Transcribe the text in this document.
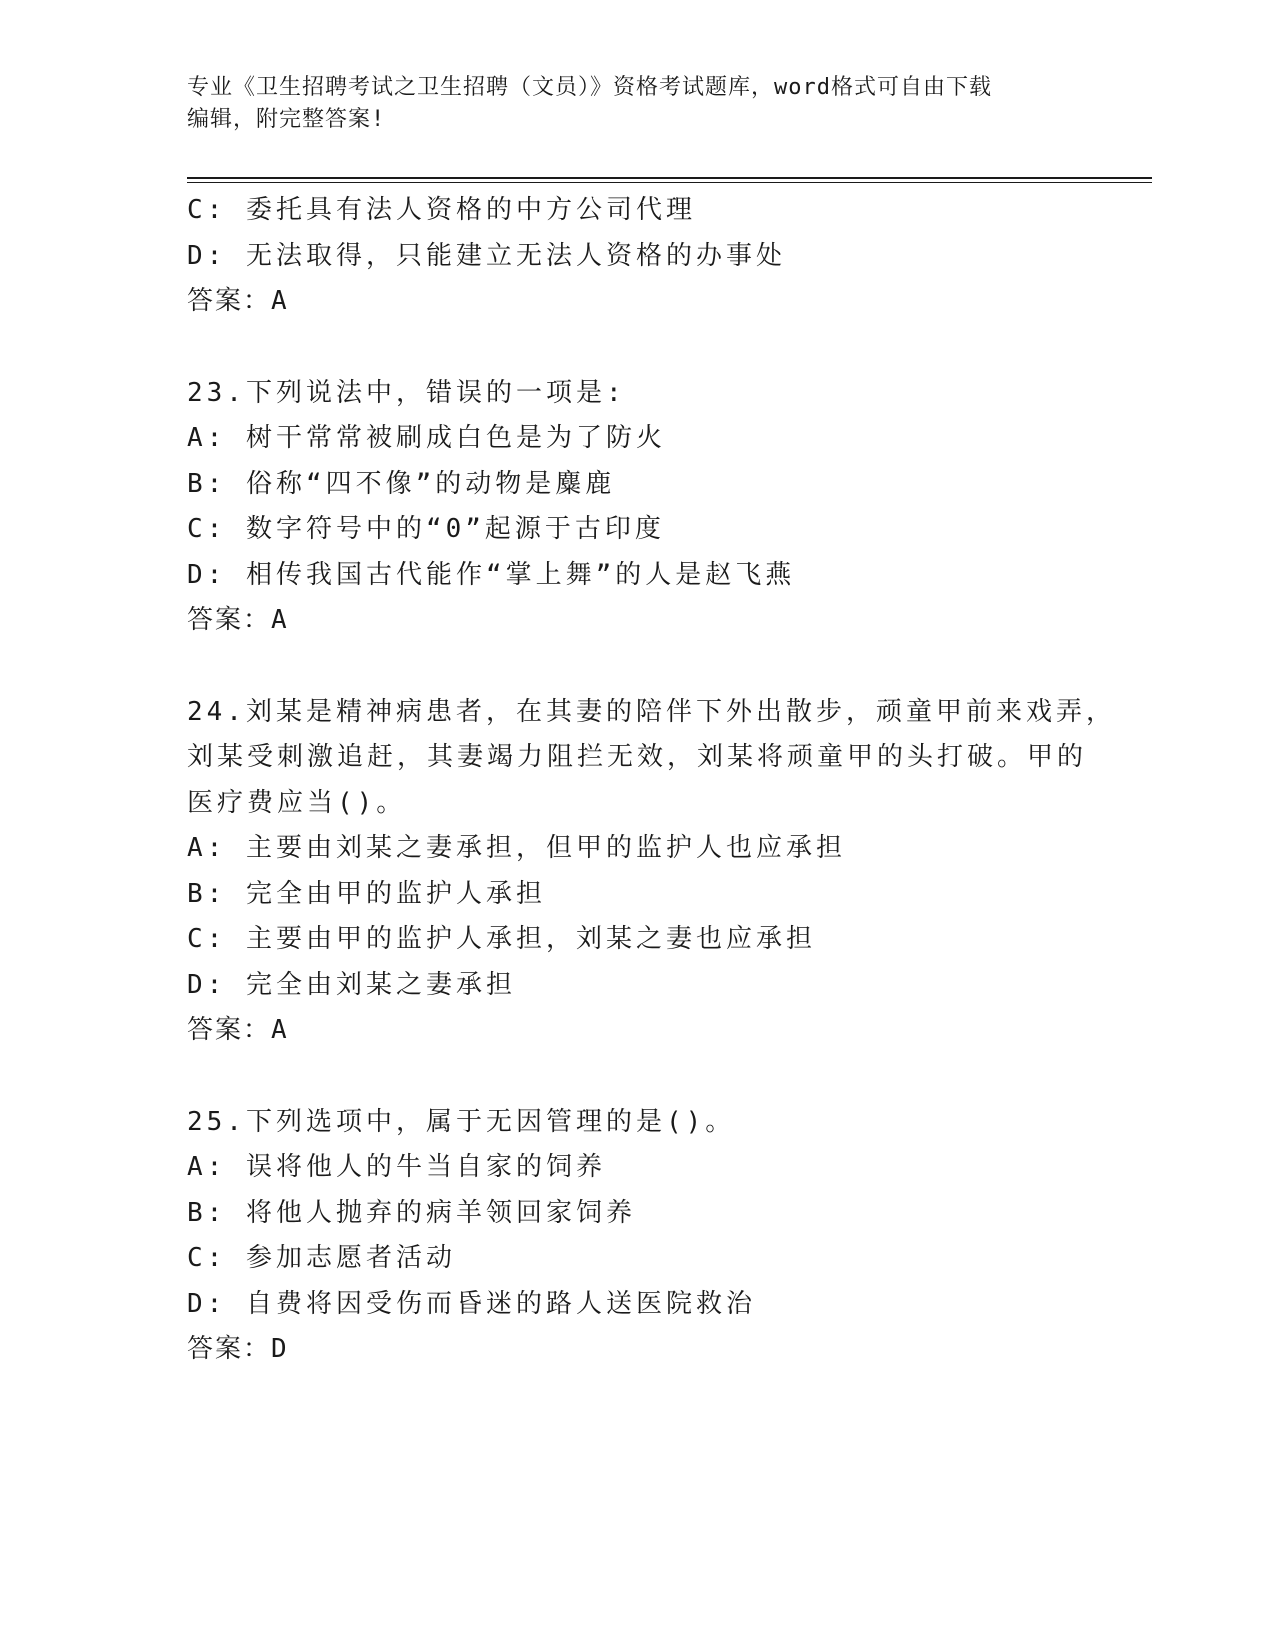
专业《卫生招聘考试之卫生招聘（文员）》资格考试题库，word格式可自由下载
编辑，附完整答案!
C: 委托具有法人资格的中方公司代理
D: 无法取得，只能建立无法人资格的办事处
答案：A
23.下列说法中，错误的一项是:
A: 树干常常被刷成白色是为了防火
B: 俗称“四不像”的动物是麋鹿
C: 数字符号中的“0”起源于古印度
D: 相传我国古代能作“掌上舞”的人是赵飞燕
答案：A
24.刘某是精神病患者，在其妻的陪伴下外出散步，顽童甲前来戏弄，
刘某受刺激追赶，其妻竭力阻拦无效，刘某将顽童甲的头打破。甲的
医疗费应当()。
A: 主要由刘某之妻承担，但甲的监护人也应承担
B: 完全由甲的监护人承担
C: 主要由甲的监护人承担，刘某之妻也应承担
D: 完全由刘某之妻承担
答案：A
25.下列选项中，属于无因管理的是()。
A: 误将他人的牛当自家的饲养
B: 将他人抛弃的病羊领回家饲养
C: 参加志愿者活动
D: 自费将因受伤而昏迷的路人送医院救治
答案：D
